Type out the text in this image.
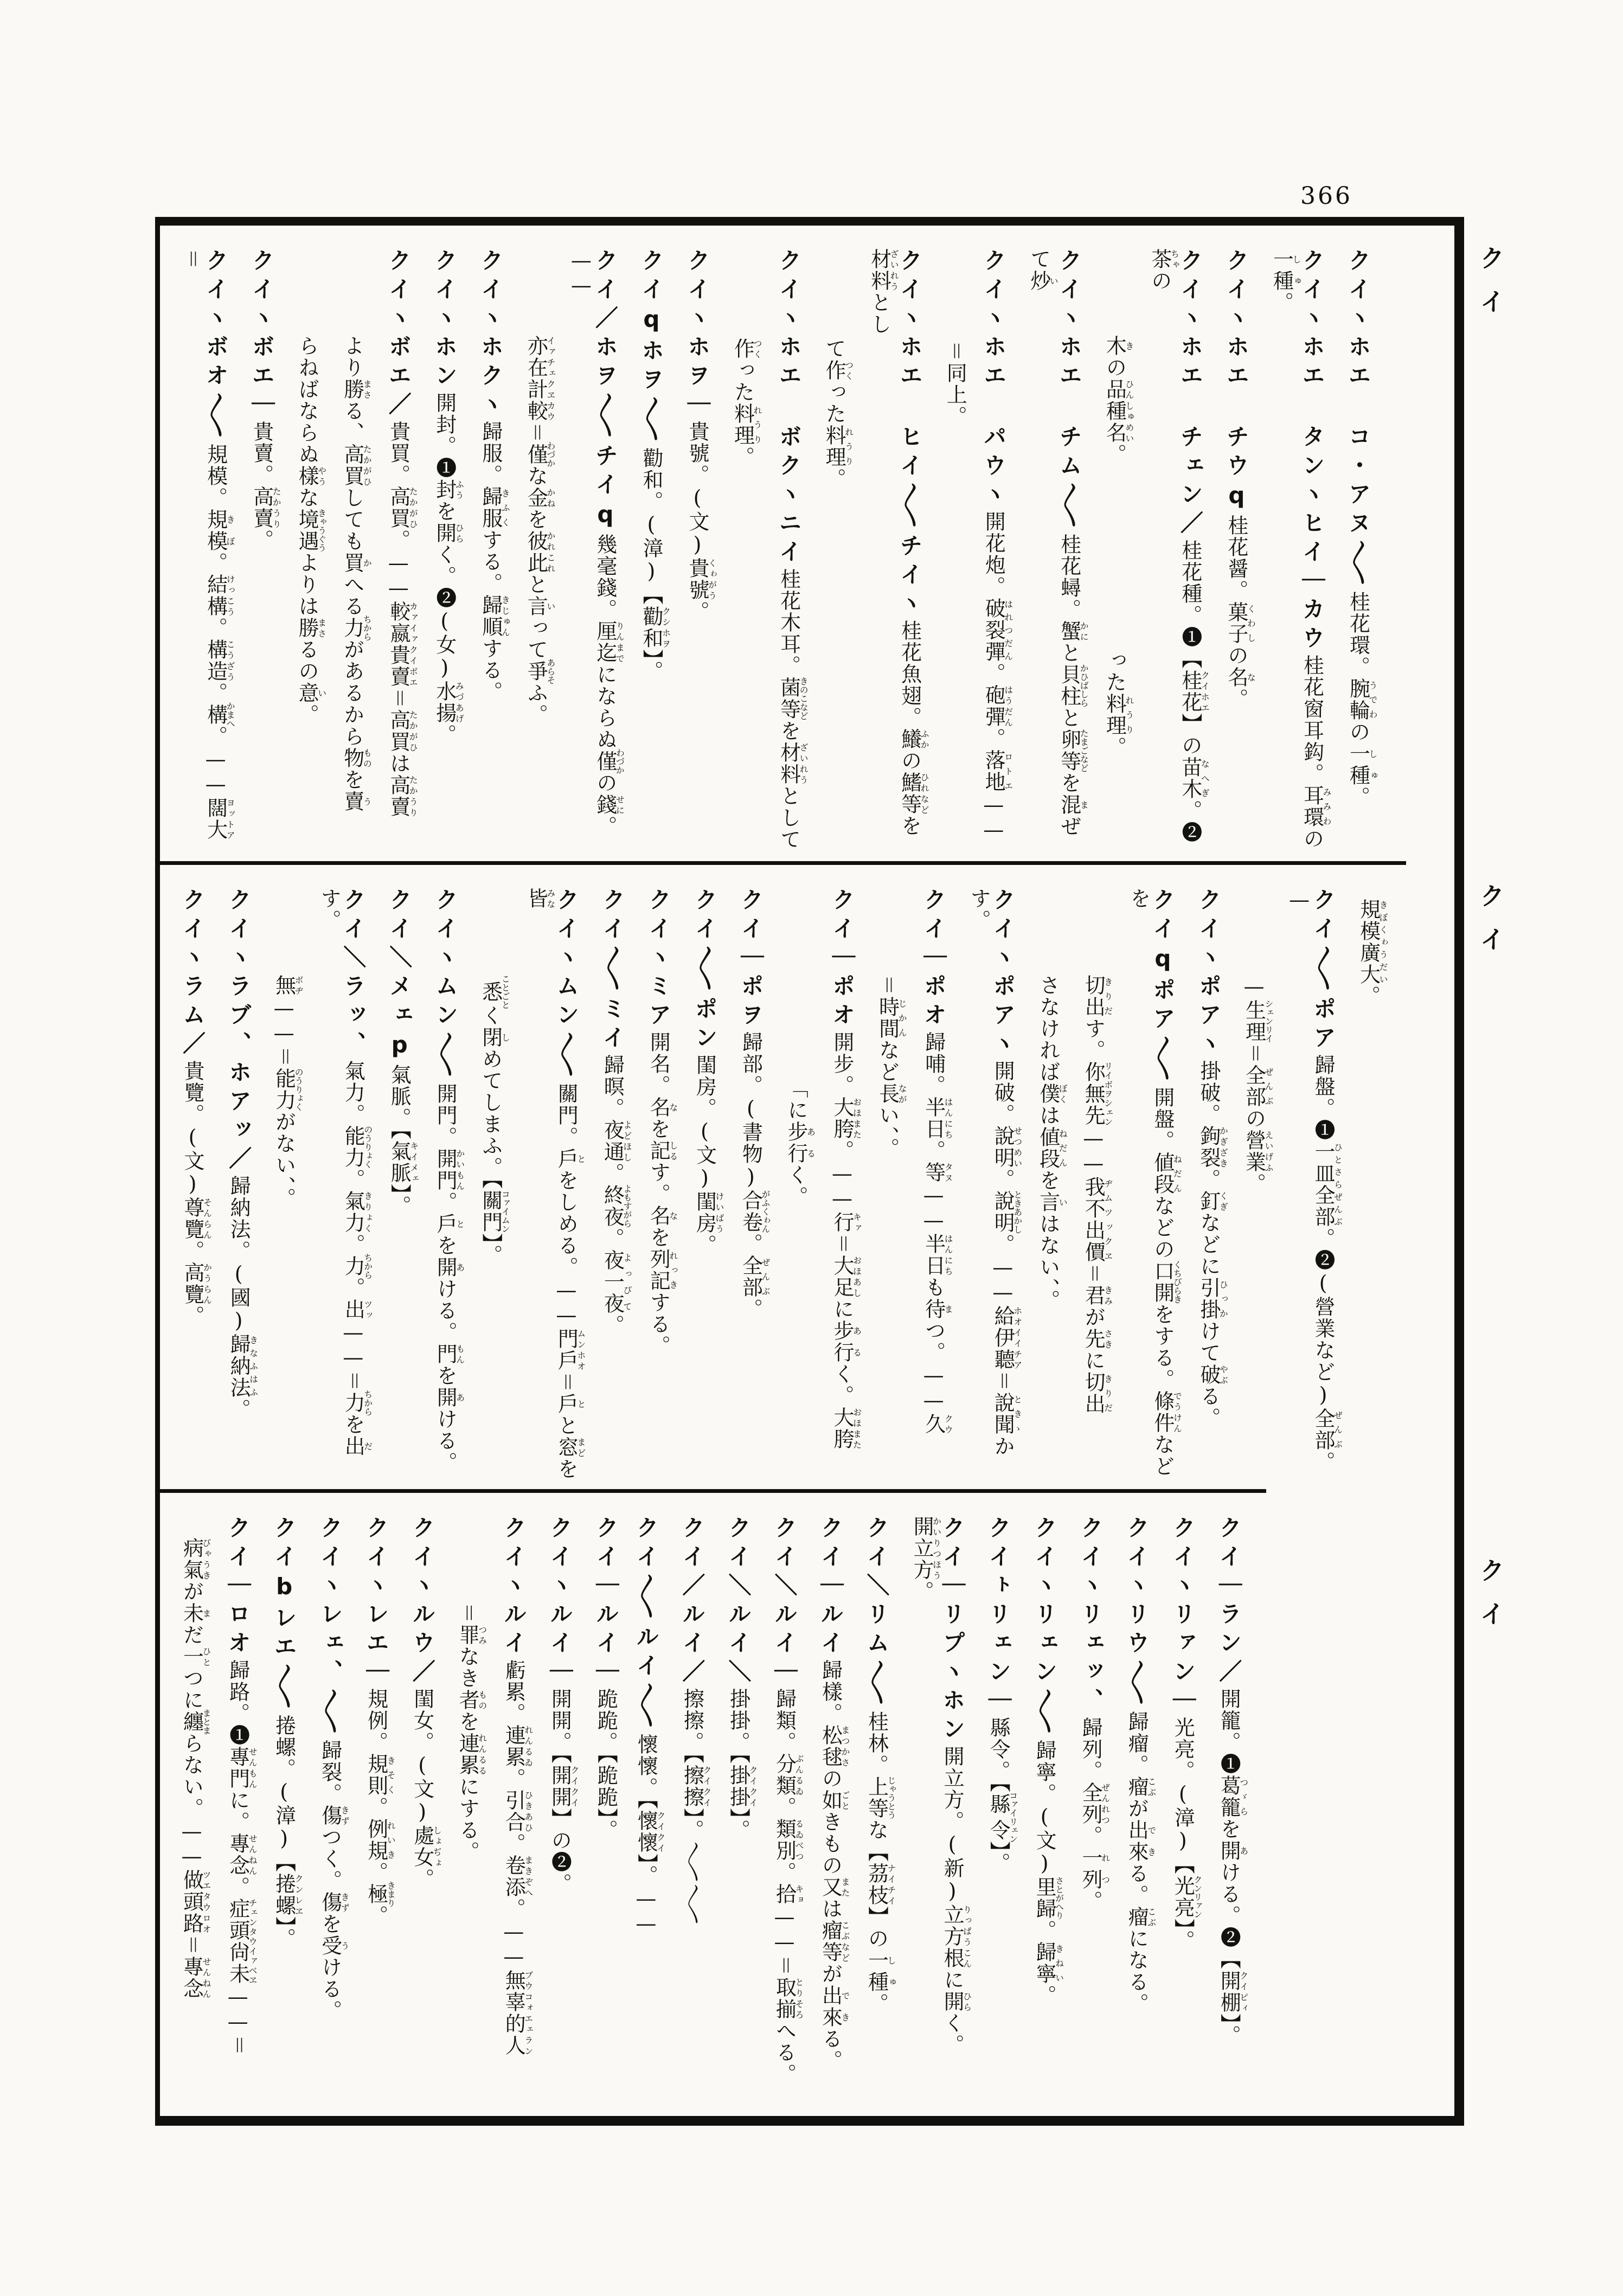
366
クイ
クイ
クイ
クイヽホエ コ・アヌ〱桂花環。腕輪うでわの一種しゅ。
クイヽホエ タンヽヒイ｜カウ桂花窗耳鈎。耳環みみわの一種しゅ。
クイヽホエ チウq桂花醤。菓子くわしの名な。
クイヽホエ チェン／桂花種。❶【桂花クイホエ】の苗木なへぎ。❷茶ちゃの
木きの品種名ひんしゅめい。った料理れうり。
クイヽホエ チム〱桂花蟳。蟹かにと貝柱かひばしらと卵等たまごなどを混まぜて炒い
クイヽホエ パウヽ開花炮。破裂彈はれつだん。砲彈はうだん。落地ロトエ——
＝同上。
クイヽホエ ヒイ〱チイヽ桂花魚翅。鱶ふかの鰭等ひれなどを材料ざいれうとし
て作つくった料理れうり。
クイヽホエ ボクヽニイ桂花木耳。菌等きのこなどを材料ざいれうとして
作つくった料理れうり。
クイヽホヲ｜貴號。(文)貴號くゎがう。
クイqホヲ〱勸和。(漳)【勸和クシホヲ】。
クイ／ホヲ〱チイq幾毫錢。厘迄りんまでにならぬ僅わづかの錢せに。——
亦在計較イァチェクヱカウ＝僅わづかな金かねを彼此かれこれと言いって爭あらそふ。
クイヽホクヽ歸服。歸服きふくする。歸順きじゅんする。
クイヽホン開封。❶封ふうを開ひらく。❷(女)水揚みづあげ。
クイヽボエ／貴買。高買たかがひ。——較嬴貴賣カァイァクイボエ＝高買たかがひは高賣たかうり
より勝まさる、高買たかがひしても買かへる力ちからがあるから物ものを賣う
らねばならぬ樣やうな境遇きゃうぐうよりは勝まさるの意い。
クイヽボエ｜貴賣。高賣たかうり。
クイヽボオ〱規模。規模きぼ。結構けっこう。構造こうざう。構かまへ。——闊大ヨットア＝
規模廣大きぼくゎうだい。
クイ〱ポア歸盤。❶一皿全部ひとさらぜんぶ。❷(營業など)全部ぜんぶ。—
—生理シェンリイ＝全部ぜんぶの營業えいげふ。
クイヽポアヽ掛破。鉤裂かぎざき。釘くぎなどに引掛ひっかけて破やぶる。
クイqポア〱開盤。値段ねだんなどの口開くちびらきをする。條件でうけんなどを
切出きりだす。你無先リイボヲシェン——我不出價ヂムツックヱ＝君きみが先さきに切出きりだ
さなければ僕ぼくは値段ねだんを言いはない、。
クイヽポアヽ開破。說明せつめい。說明ときあかし。——給伊聽ホオイイチア＝說聞ときゝかす。
クイ｜ポオ歸哺。半日はんにち。等タヌ——半日はんにちも待まつ。——久クウ
＝時間じかんなど長ながい、。
クイ｜ポオ開步。大胯おほまた。——行キァ＝大足おほあしに步行あるく。大胯おほまた
「に步行あるく。
クイ｜ポヲ歸部。(書物)合卷がふくゎん。全部ぜんぶ。
クイ〱ポン閨房。(文)閨房けいばう。
クイヽミア開名。名なを記しるす。名なを列記れっきする。
クイ〱ミイ歸暝。夜通よどほし。終夜よもすがら。夜一夜よっぴて。
クイヽムン〱關門。戶とをしめる。——門戶ムンホオ＝戶とと窓まどを皆みな
悉ことごとく閉しめてしまふ。【關門コァイムン】。
クイヽムン〱開門。開門かいもん。戶とを開あける。門もんを開あける。
クイ＼メェp氣脈。【氣脈キイメェ】。
クイ＼ラッ、氣力。能力のうりょく。氣力きりょく。力ちから。出ツッ——＝力ちからを出だす。
無ボヂ——＝能力のうりょくがない、。
クイヽラブ、ホアッ／歸納法。(國)歸納法きなふはふ。
クイヽラム／貴覽。(文)尊覽そんらん。高覽かうらん。
クイ｜ラン／開籠。❶葛籠つゞらを開あける。❷【開棚クイピィ】。
クイヽリァン｜光亮。(漳)【光亮クンリァン】。
クイヽリウ〱歸瘤。瘤こぶが出來できる。瘤こぶになる。
クイヽリェッ、歸列。全列ぜんれつ。一列れつ。
クイヽリェン〱歸寧。(文)里歸さとがへり。歸寧きねい。
クイㇳリェン｜縣令。【縣令コァイリェン】。
クイ｜リプヽホン開立方。(新)立方根りっぱうこんに開ひらく。開立方かいりつほう。
クイ＼リム〱桂林。上等じゃうとうな【茘枝ナイチイ】の一種しゅ。
クイ｜ルイ歸樣。松毬まつかさの如ごときもの又または瘤等こぶなどが出來できる。
クイ＼ルイ｜歸類。分類ぶんるゐ。類別るゐべつ。拾キョ——＝取揃とりそろへる。
クイ＼ルイ＼掛掛。【掛掛クイクイ】。
クイ／ルイ／擦擦。【擦擦クイクイ】。〱〱
クイ〱ルイ〱懷懷。【懷懷クイクイ】。——
クイ｜ルイ｜跪跪。【跪跪】。
クイヽルイ｜開開。【開開クイクイ】の❷。
クイヽルイ虧累。連累れんるゐ。引合ひきあひ。卷添まきぞへ。——無辜的人ブウコォエェラン
＝罪つみなき者ものを連累れんるるにする。
クイヽルウ／閨女。(文)處女しょぢょ。
クイヽレエ｜規例。規則きそく。例規れいき。極きまり。
クイヽレェ、〱歸裂。傷きずつく。傷きずを受うける。
クイbレエ〱捲螺。(漳)【捲螺クンレヱ】。
クイ｜ロオ歸路。❶專門せんもんに。專念せんねん。症頭尙未チェンタウイァベヱ——＝
病氣びゃうきが未まだ一ひとつに纏まとまらない。——做頭路ツエタウロオ＝專念せんねん
